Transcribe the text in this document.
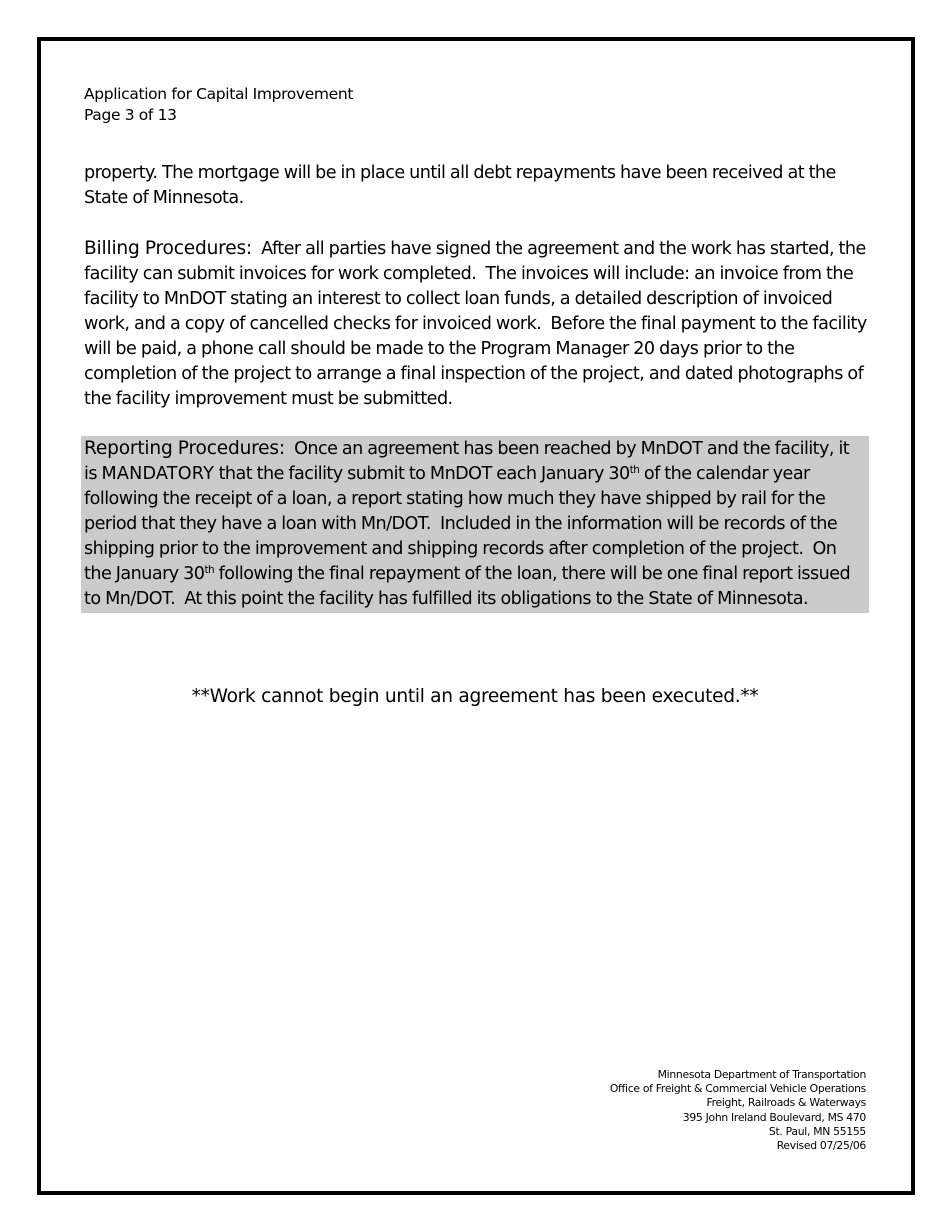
Application for Capital Improvement
Page 3 of 13
property. The mortgage will be in place until all debt repayments have been received at the State of Minnesota.
Billing Procedures:  After all parties have signed the agreement and the work has started, the facility can submit invoices for work completed.  The invoices will include: an invoice from the facility to MnDOT stating an interest to collect loan funds, a detailed description of invoiced work, and a copy of cancelled checks for invoiced work.  Before the final payment to the facility will be paid, a phone call should be made to the Program Manager 20 days prior to the completion of the project to arrange a final inspection of the project, and dated photographs of the facility improvement must be submitted.
Reporting Procedures:  Once an agreement has been reached by MnDOT and the facility, it is MANDATORY that the facility submit to MnDOT each January 30th of the calendar year following the receipt of a loan, a report stating how much they have shipped by rail for the period that they have a loan with Mn/DOT.  Included in the information will be records of the shipping prior to the improvement and shipping records after completion of the project.  On the January 30th following the final repayment of the loan, there will be one final report issued to Mn/DOT.  At this point the facility has fulfilled its obligations to the State of Minnesota.
**Work cannot begin until an agreement has been executed.**
Minnesota Department of Transportation
Office of Freight & Commercial Vehicle Operations
Freight, Railroads & Waterways
395 John Ireland Boulevard, MS 470
St. Paul, MN 55155
Revised 07/25/06
